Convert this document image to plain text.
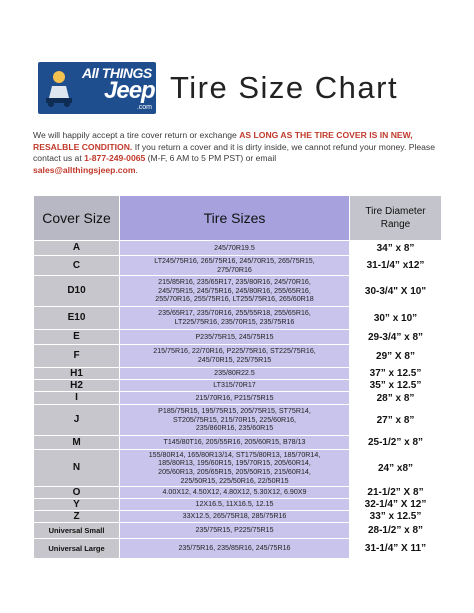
All THINGS
Jeep
.com
Tire Size Chart
We will happily accept a tire cover return or exchange AS LONG AS THE TIRE COVER IS IN NEW, RESALBLE CONDITION. If you return a cover and it is dirty inside, we cannot refund your money. Please contact us at 1-877-249-0065 (M-F, 6 AM to 5 PM PST) or email
sales@allthingsjeep.com.
Cover Size	Tire Sizes	Tire Diameter Range
A	245/70R19.5	34” x 8”
C	LT245/75R16, 265/75R16, 245/70R15, 265/75R15,
275/70R16	31-1/4” x12”
D10	215/85R16, 235/65R17, 235/80R16, 245/70R16,
245/75R15, 245/75R16, 245/80R16, 255/65R16,
255/70R16, 255/75R16, LT255/75R16, 265/60R18	30-3/4" X 10"
E10	235/65R17, 235/70R16, 255/55R18, 255/65R16,
LT225/75R16, 235/70R15, 235/75R16	30” x 10”
E	P235/75R15, 245/75R15	29-3/4” x 8”
F	215/75R16, 22/70R16, P225/75R16, ST225/75R16,
245/70R15, 225/75R15	29” X 8”
H1	235/80R22.5	37” x 12.5”
H2	LT315/70R17	35” x 12.5”
I	215/70R16, P215/75R15	28” x 8”
J	P185/75R15, 195/75R15, 205/75R15, ST75R14,
ST205/75R15, 215/70R15, 225/60R16,
235/860R16, 235/60R15	27” x 8”
M	T145/80T16, 205/55R16, 205/60R15, B78/13	25-1/2” x 8”
N	155/80R14, 165/80R13/14, ST175/80R13, 185/70R14,
185/80R13, 195/60R15, 195/70R15, 205/60R14,
205/60R13, 205/65R15, 205/50R15, 215/60R14,
225/50R15, 225/50R16, 22/50R15	24” x8”
O	4.00X12, 4.50X12, 4.80X12, 5.30X12, 6.90X9	21-1/2” X 8”
Y	12X16.5, 11X16.5, 12.15	32-1/4” X 12”
Z	33X12.5, 265/75R18, 285/75R16	33” x 12.5”
Universal Small	235/75R15, P225/75R15	28-1/2” x 8”
Universal Large	235/75R16, 235/85R16, 245/75R16	31-1/4” X 11”
